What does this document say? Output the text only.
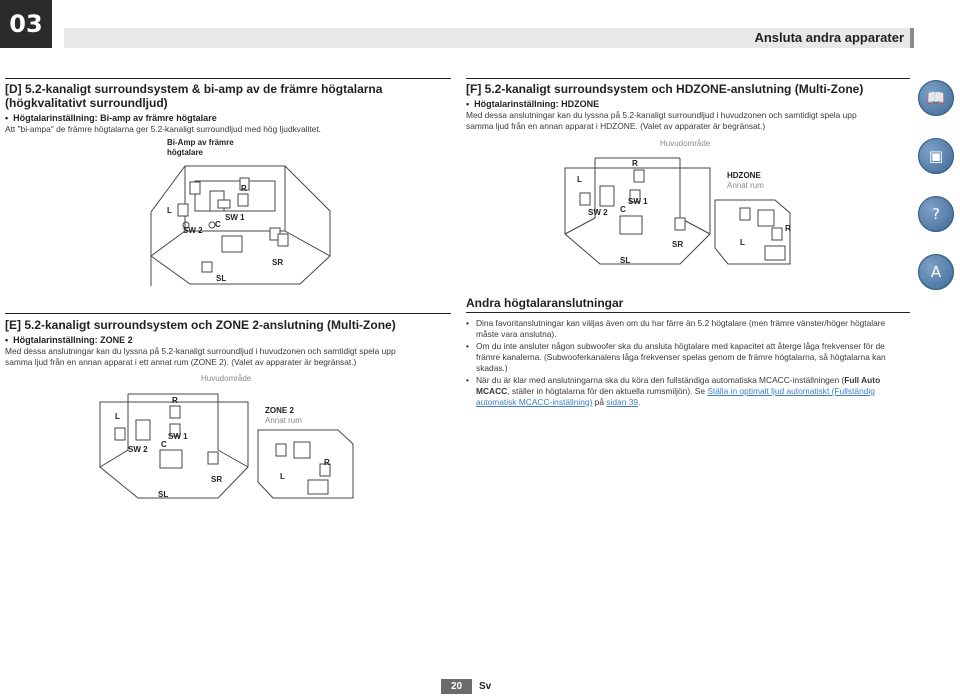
03	Ansluta andra apparater
[D] 5.2-kanaligt surroundsystem & bi-amp av de främre högtalarna
(högkvalitativt surroundljud)
• Högtalarinställning: Bi-amp av främre högtalare
Att "bi-ampa" de främre högtalarna ger 5.2-kanaligt surroundljud med hög ljudkvalitet.
L
R
C
SW 1
SW 2
SL
SR
Bi-Amp av främre
högtalare
[F] 5.2-kanaligt surroundsystem och HDZONE-anslutning (Multi-Zone)
• Högtalarinställning: HDZONE
Med dessa anslutningar kan du lyssna på 5.2-kanaligt surroundljud i huvudzonen och samtidigt spela upp
samma ljud från en annan apparat i HDZONE. (Valet av apparater är begränsat.)
Huvudområde
L
R
C
SW 1
SW 2
SL
SR
HDZONE
Annat rum
L
R
[E] 5.2-kanaligt surroundsystem och ZONE 2-anslutning (Multi-Zone)
• Högtalarinställning: ZONE 2
Med dessa anslutningar kan du lyssna på 5.2-kanaligt surroundljud i huvudzonen och samtidigt spela upp
samma ljud från en annan apparat i ett annat rum (ZONE 2). (Valet av apparater är begränsat.)
Huvudområde
L
R
C
SW 1
SW 2
SL
SR
ZONE 2
Annat rum
L
R
Andra högtalaranslutningar
• Dina favoritanslutningar kan väljas även om du har färre än 5.2 högtalare (men främre vänster/höger högtalare måste vara anslutna).
• Om du inte ansluter någon subwoofer ska du ansluta högtalare med kapacitet att återge låga frekvenser för de främre kanalerna. (Subwooferkanalens låga frekvenser spelas genom de främre högtalarna, så högtalarna kan skadas.)
• När du är klar med anslutningarna ska du köra den fullständiga automatiska MCACC-inställningen (Full Auto MCACC, ställer in högtalarna för den aktuella rumsmiljön). Se Ställa in optimalt ljud automatiskt (Fullständig automatisk MCACC-inställning) på sidan 39.
📖
▣
?
A
20	Sv
